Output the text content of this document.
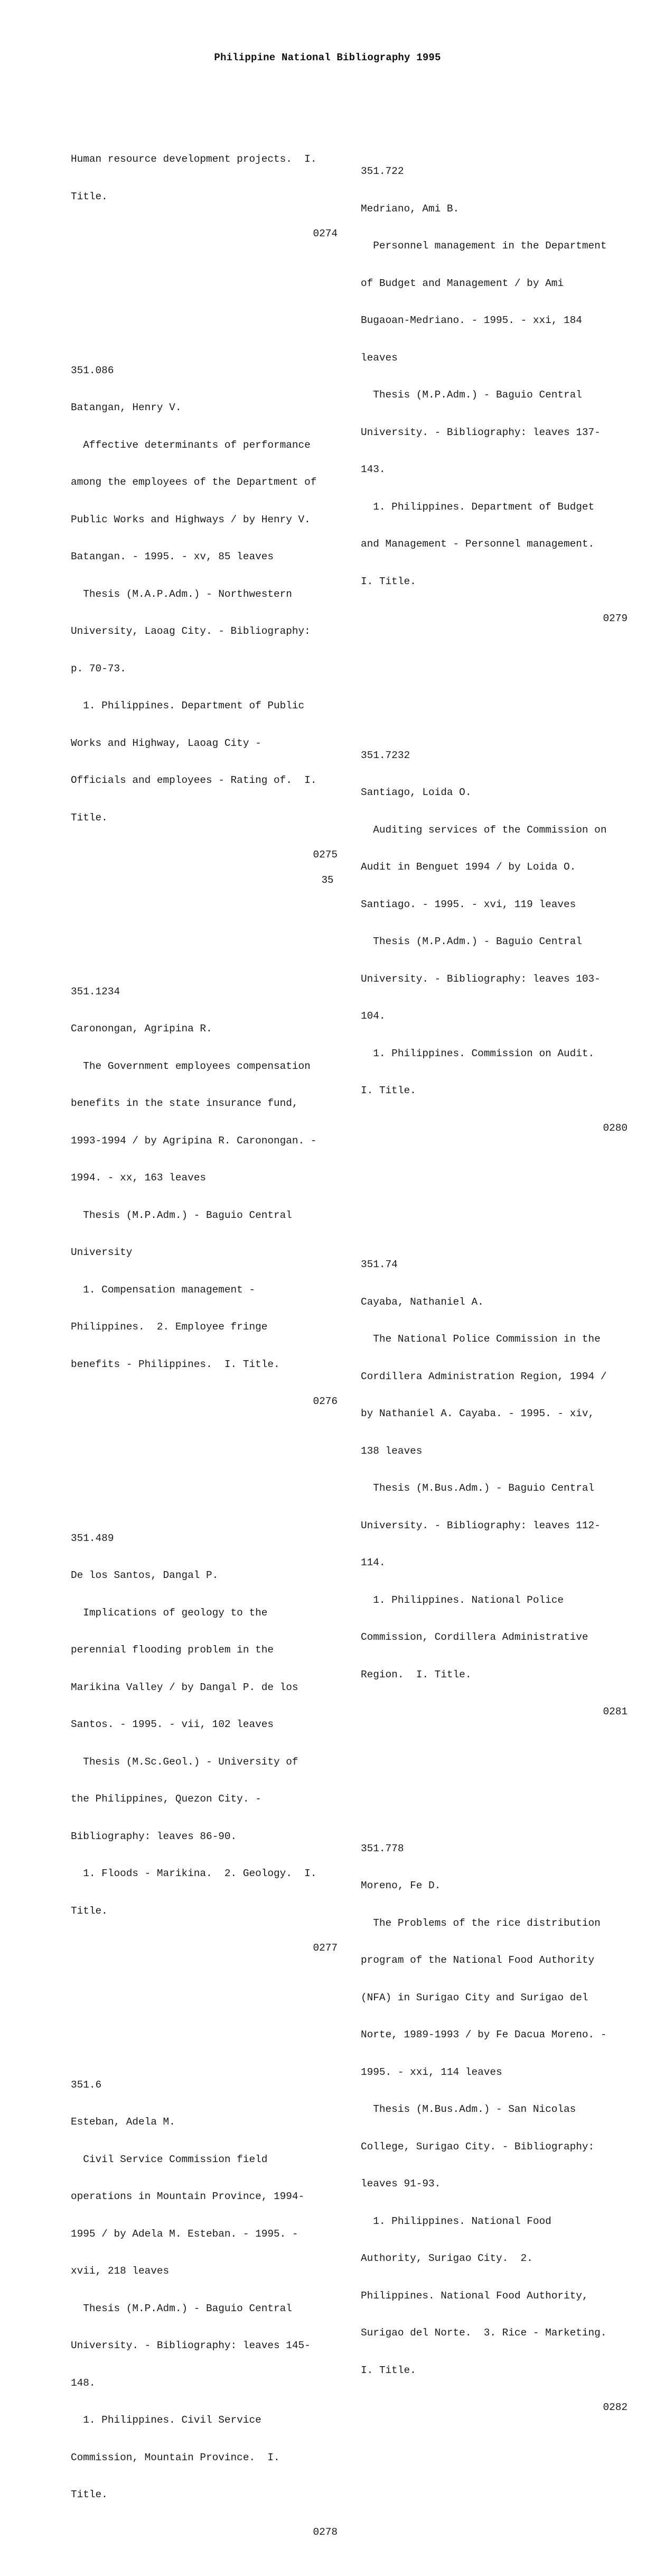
Philippine National Bibliography 1995

Human resource development projects.  I.

Title.

0274

351.086

Batangan, Henry V.

Affective determinants of performance

among the employees of the Department of

Public Works and Highways / by Henry V.

Batangan. - 1995. - xv, 85 leaves

Thesis (M.A.P.Adm.) - Northwestern

University, Laoag City. - Bibliography:

p. 70-73.

1. Philippines. Department of Public

Works and Highway, Laoag City -

Officials and employees - Rating of.  I.

Title.

0275

351.1234

Caronongan, Agripina R.

The Government employees compensation

benefits in the state insurance fund,

1993-1994 / by Agripina R. Caronongan. -

1994. - xx, 163 leaves

Thesis (M.P.Adm.) - Baguio Central

University

1. Compensation management -

Philippines.  2. Employee fringe

benefits - Philippines.  I. Title.

0276

351.489

De los Santos, Dangal P.

Implications of geology to the

perennial flooding problem in the

Marikina Valley / by Dangal P. de los

Santos. - 1995. - vii, 102 leaves

Thesis (M.Sc.Geol.) - University of

the Philippines, Quezon City. -

Bibliography: leaves 86-90.

1. Floods - Marikina.  2. Geology.  I.

Title.

0277

351.6

Esteban, Adela M.

Civil Service Commission field

operations in Mountain Province, 1994-

1995 / by Adela M. Esteban. - 1995. -

xvii, 218 leaves

Thesis (M.P.Adm.) - Baguio Central

University. - Bibliography: leaves 145-

148.

1. Philippines. Civil Service

Commission, Mountain Province.  I.

Title.

0278

351.722

Medriano, Ami B.

Personnel management in the Department

of Budget and Management / by Ami

Bugaoan-Medriano. - 1995. - xxi, 184

leaves

Thesis (M.P.Adm.) - Baguio Central

University. - Bibliography: leaves 137-

143.

1. Philippines. Department of Budget

and Management - Personnel management.

I. Title.

0279

351.7232

Santiago, Loida O.

Auditing services of the Commission on

Audit in Benguet 1994 / by Loida O.

Santiago. - 1995. - xvi, 119 leaves

Thesis (M.P.Adm.) - Baguio Central

University. - Bibliography: leaves 103-

104.

1. Philippines. Commission on Audit.

I. Title.

0280

351.74

Cayaba, Nathaniel A.

The National Police Commission in the

Cordillera Administration Region, 1994 /

by Nathaniel A. Cayaba. - 1995. - xiv,

138 leaves

Thesis (M.Bus.Adm.) - Baguio Central

University. - Bibliography: leaves 112-

114.

1. Philippines. National Police

Commission, Cordillera Administrative

Region.  I. Title.

0281

351.778

Moreno, Fe D.

The Problems of the rice distribution

program of the National Food Authority

(NFA) in Surigao City and Surigao del

Norte, 1989-1993 / by Fe Dacua Moreno. -

1995. - xxi, 114 leaves

Thesis (M.Bus.Adm.) - San Nicolas

College, Surigao City. - Bibliography:

leaves 91-93.

1. Philippines. National Food

Authority, Surigao City.  2.

Philippines. National Food Authority,

Surigao del Norte.  3. Rice - Marketing.

I. Title.

0282

35
